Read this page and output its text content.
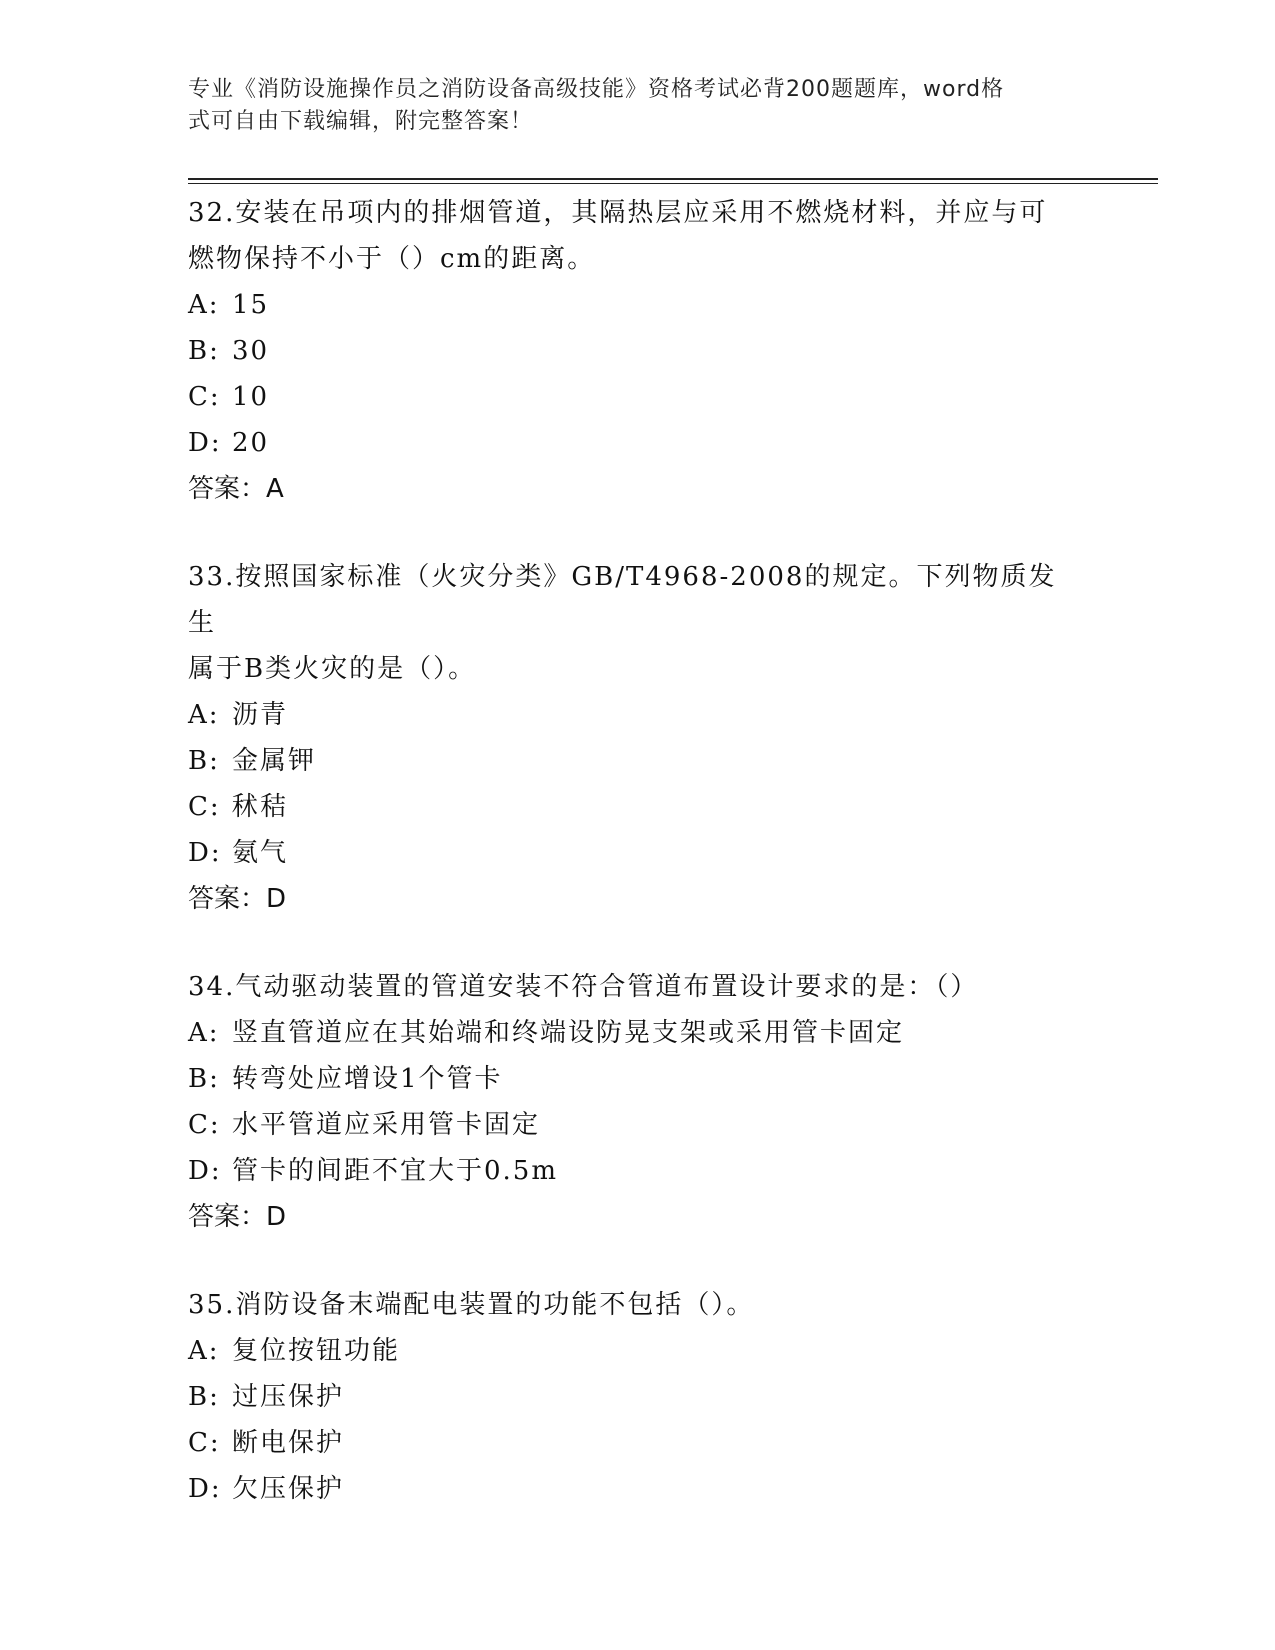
专业《消防设施操作员之消防设备高级技能》资格考试必背200题题库，word格
式可自由下载编辑，附完整答案！
32.安装在吊项内的排烟管道，其隔热层应采用不燃烧材料，并应与可
燃物保持不小于（）cm的距离。
A: 15
B: 30
C: 10
D: 20
答案：A
33.按照国家标准（火灾分类》GB/T4968-2008的规定。下列物质发生
属于B类火灾的是（）。
A: 沥青
B: 金属钾
C: 秫秸
D: 氨气
答案：D
34.气动驱动装置的管道安装不符合管道布置设计要求的是：（）
A: 竖直管道应在其始端和终端设防晃支架或采用管卡固定
B: 转弯处应增设1个管卡
C: 水平管道应采用管卡固定
D: 管卡的间距不宜大于0.5m
答案：D
35.消防设备末端配电装置的功能不包括（）。
A: 复位按钮功能
B: 过压保护
C: 断电保护
D: 欠压保护
